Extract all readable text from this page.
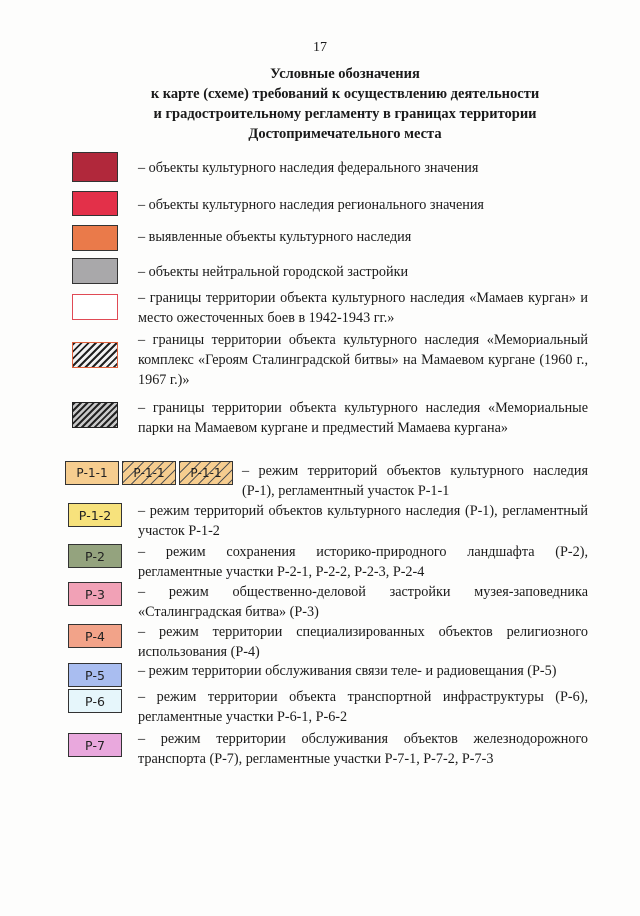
17
Условные обозначения
к карте (схеме) требований к осуществлению деятельности
и градостроительному регламенту в границах территории
Достопримечательного места
– объекты культурного наследия федерального значения
– объекты культурного наследия регионального значения
– выявленные объекты культурного наследия
– объекты нейтральной городской застройки
– границы территории объекта культурного наследия «Мамаев курган» и место ожесточенных боев в 1942-1943 гг.»
– границы территории объекта культурного наследия «Мемориальный комплекс «Героям Сталинградской битвы» на Мамаевом кургане (1960 г., 1967 г.)»
– границы территории объекта культурного наследия «Мемориальные парки на Мамаевом кургане и предместий Мамаева кургана»
Р-1-1	Р-1-1	Р-1-1	– режим территорий объектов культурного наследия (Р-1), регламентный участок Р-1-1
Р-1-2	– режим территорий объектов культурного наследия (Р-1), регламентный участок Р-1-2
Р-2	– режим сохранения историко-природного ландшафта (Р-2), регламентные участки Р-2-1, Р-2-2, Р-2-3, Р-2-4
Р-3	– режим общественно-деловой застройки музея-заповедника «Сталинградская битва» (Р-3)
Р-4	– режим территории специализированных объектов религиозного использования (Р-4)
Р-5	– режим территории обслуживания связи теле- и радиовещания (Р-5)
Р-6	– режим территории объекта транспортной инфраструктуры (Р-6), регламентные участки Р-6-1, Р-6-2
Р-7	– режим территории обслуживания объектов железнодорожного транспорта (Р-7), регламентные участки Р-7-1, Р-7-2, Р-7-3
